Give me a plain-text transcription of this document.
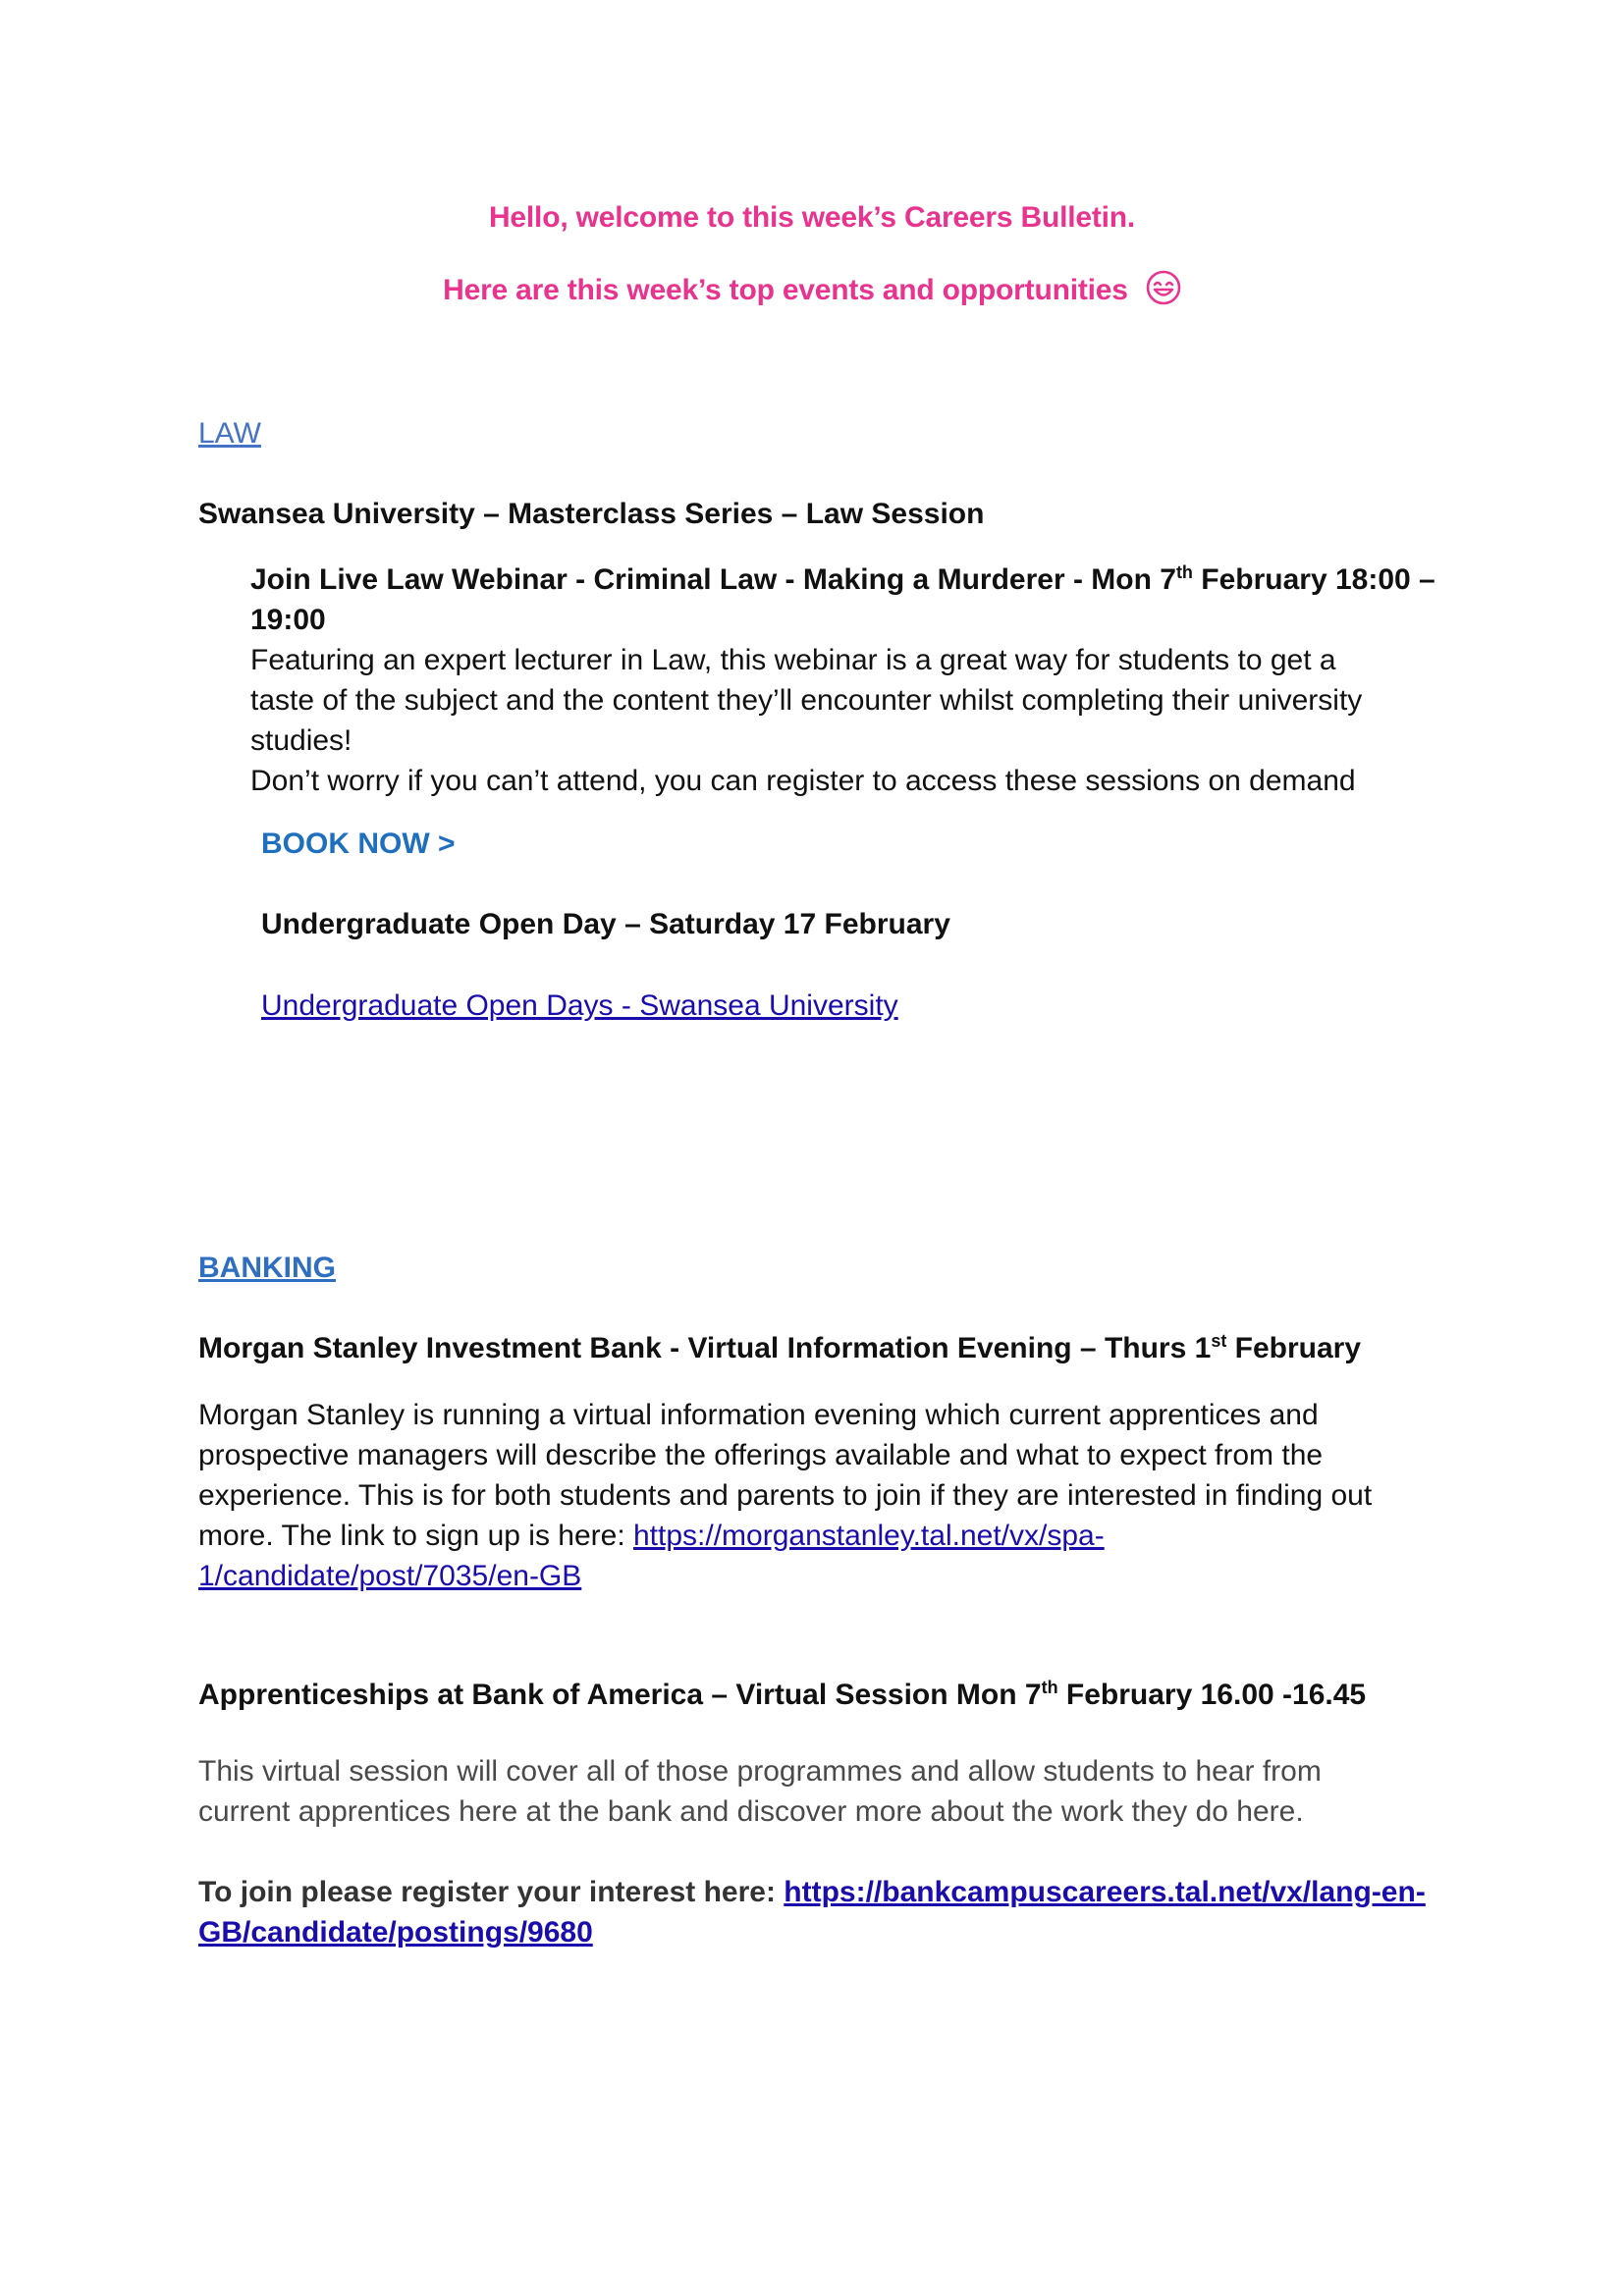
Hello, welcome to this week’s Careers Bulletin.

Here are this week’s top events and opportunities

LAW

Swansea University – Masterclass Series – Law Session

Join Live Law Webinar - Criminal Law - Making a Murderer - Mon 7th February 18:00 –
19:00
Featuring an expert lecturer in Law, this webinar is a great way for students to get a
taste of the subject and the content they’ll encounter whilst completing their university
studies!
Don’t worry if you can’t attend, you can register to access these sessions on demand
BOOK NOW >

Undergraduate Open Day – Saturday 17 February

Undergraduate Open Days - Swansea University
BANKING

Morgan Stanley Investment Bank - Virtual Information Evening – Thurs 1st February

Morgan Stanley is running a virtual information evening which current apprentices and
prospective managers will describe the offerings available and what to expect from the
experience. This is for both students and parents to join if they are interested in finding out
more. The link to sign up is here: https://morganstanley.tal.net/vx/spa-
1/candidate/post/7035/en-GB

Apprenticeships at Bank of America – Virtual Session Mon 7th February 16.00 -16.45

This virtual session will cover all of those programmes and allow students to hear from
current apprentices here at the bank and discover more about the work they do here.
To join please register your interest here: https://bankcampuscareers.tal.net/vx/lang-en-
GB/candidate/postings/9680
